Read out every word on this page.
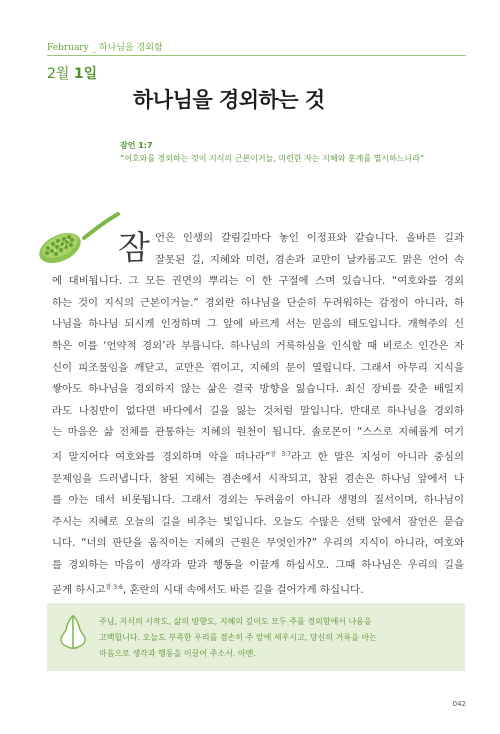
February _ 하나님을 경외함
2월 1일
하나님을 경외하는 것
잠언 1:7
“여호와를 경외하는 것이 지식의 근본이거늘, 미련한 자는 지혜와 훈계를 멸시하느니라”
잠 언은 인생의 갈림길마다 놓인 이정표와 같습니다. 올바른 길과
잘못된 길, 지혜와 미련, 겸손과 교만이 날카롭고도 맑은 언어 속
에 대비됩니다. 그 모든 권면의 뿌리는 이 한 구절에 스며 있습니다. “여호와를 경외
하는 것이 지식의 근본이거늘.” 경외란 하나님을 단순히 두려워하는 감정이 아니라, 하
나님을 하나님 되시게 인정하며 그 앞에 바르게 서는 믿음의 태도입니다. 개혁주의 신
학은 이를 ‘언약적 경외’라 부릅니다. 하나님의 거룩하심을 인식할 때 비로소 인간은 자
신이 피조물임을 깨닫고, 교만은 꺾이고, 지혜의 문이 열립니다. 그래서 아무리 지식을
쌓아도 하나님을 경외하지 않는 삶은 결국 방향을 잃습니다. 최신 장비를 갖춘 배일지
라도 나침반이 없다면 바다에서 길을 잃는 것처럼 말입니다. 반대로 하나님을 경외하
는 마음은 삶 전체를 관통하는 지혜의 원천이 됩니다. 솔로몬이 “스스로 지혜롭게 여기
지 말지어다 여호와를 경외하며 악을 떠나라”$^{잠 3:7}$라고 한 말은 지성이 아니라 중심의
문제임을 드러냅니다. 참된 지혜는 겸손에서 시작되고, 참된 겸손은 하나님 앞에서 나
를 아는 데서 비롯됩니다. 그래서 경외는 두려움이 아니라 생명의 질서이며, 하나님이
주시는 지혜로 오늘의 길을 비추는 빛입니다. 오늘도 수많은 선택 앞에서 잠언은 묻습
니다. “너의 판단을 움직이는 지혜의 근원은 무엇인가?” 우리의 지식이 아니라, 여호와
를 경외하는 마음이 생각과 말과 행동을 이끌게 하십시오. 그때 하나님은 우리의 길을
곧게 하시고$^{잠 3:6}$, 혼란의 시대 속에서도 바른 길을 걸어가게 하십니다.
주님, 지식의 시작도, 삶의 방향도, 지혜의 깊이도 모두 주를 경외함에서 나옴을
고백합니다. 오늘도 부족한 우리를 겸손히 주 앞에 세우시고, 당신의 거룩을 아는
마음으로 생각과 행동을 이끌어 주소서. 아멘.
042
